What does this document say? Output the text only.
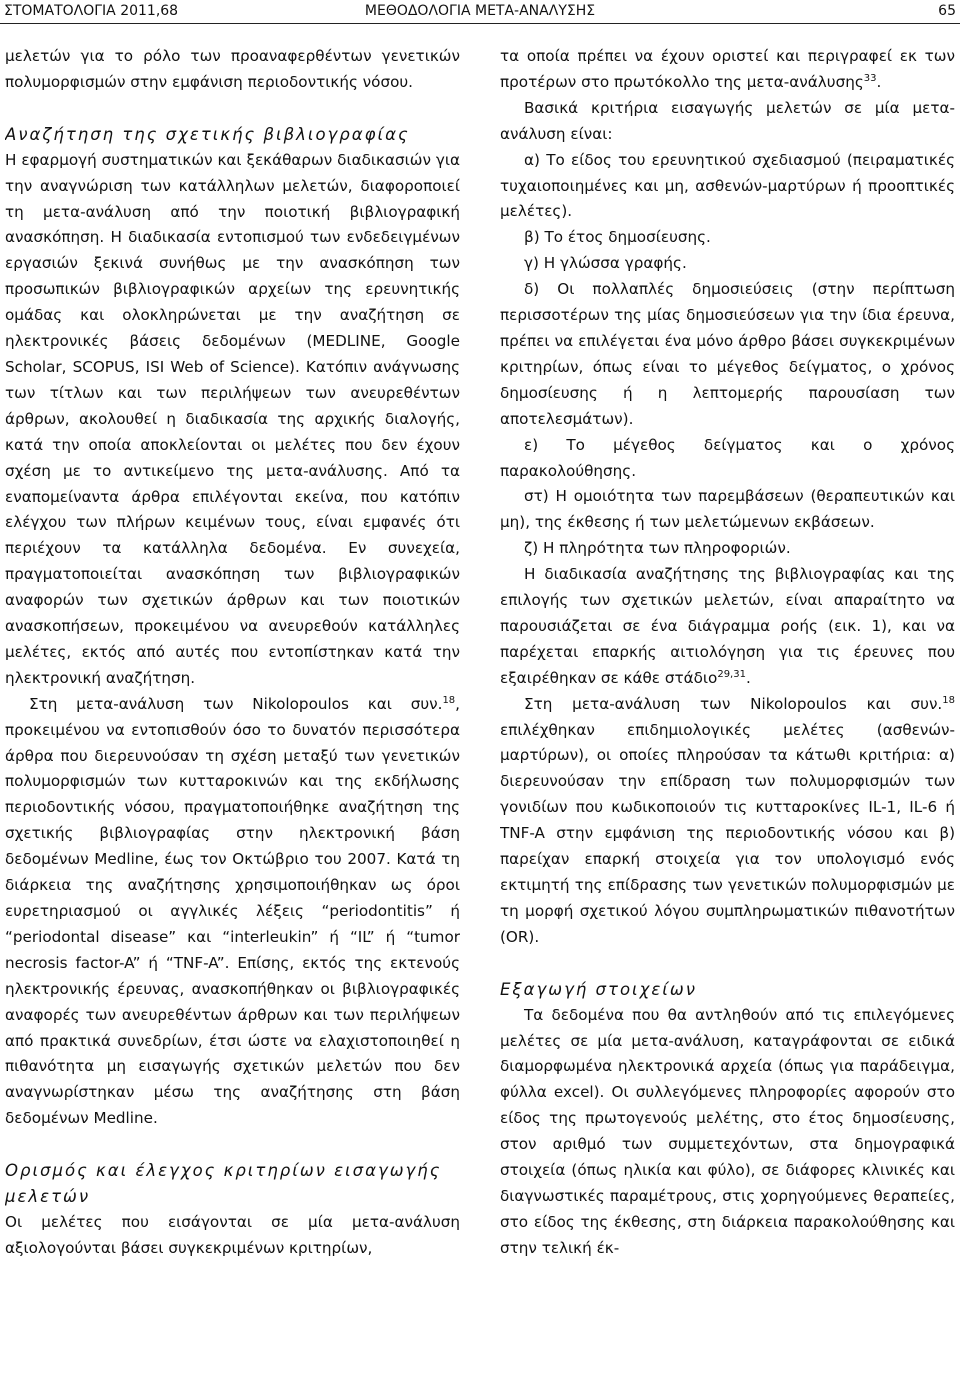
ΣΤΟΜΑΤΟΛΟΓΙΑ 2011,68	ΜΕΘΟΔΟΛΟΓΙΑ ΜΕΤΑ-ΑΝΑΛΥΣΗΣ	65

μελετών για το ρόλο των προαναφερθέντων γενετικών πολυμορφισμών στην εμφάνιση περιοδοντικής νόσου.

Αναζήτηση της σχετικής βιβλιογραφίας

Η εφαρμογή συστηματικών και ξεκάθαρων διαδικασιών για την αναγνώριση των κατάλληλων μελετών, διαφοροποιεί τη μετα-ανάλυση από την ποιοτική βιβλιογραφική ανασκόπηση. Η διαδικασία εντοπισμού των ενδεδειγμένων εργασιών ξεκινά συνήθως με την ανασκόπηση των προσωπικών βιβλιογραφικών αρχείων της ερευνητικής ομάδας και ολοκληρώνεται με την αναζήτηση σε ηλεκτρονικές βάσεις δεδομένων (MEDLINE, Google Scholar, SCOPUS, ISI Web of Science). Κατόπιν ανάγνωσης των τίτλων και των περιλήψεων των ανευρεθέντων άρθρων, ακολουθεί η διαδικασία της αρχικής διαλογής, κατά την οποία αποκλείονται οι μελέτες που δεν έχουν σχέση με το αντικείμενο της μετα-ανάλυσης. Από τα εναπομείναντα άρθρα επιλέγονται εκείνα, που κατόπιν ελέγχου των πλήρων κειμένων τους, είναι εμφανές ότι περιέχουν τα κατάλληλα δεδομένα. Εν συνεχεία, πραγματοποιείται ανασκόπηση των βιβλιογραφικών αναφορών των σχετικών άρθρων και των ποιοτικών ανασκοπήσεων, προκειμένου να ανευρεθούν κατάλληλες μελέτες, εκτός από αυτές που εντοπίστηκαν κατά την ηλεκτρονική αναζήτηση.

Στη μετα-ανάλυση των Nikolopoulos και συν.$^{18}$, προκειμένου να εντοπισθούν όσο το δυνατόν περισσότερα άρθρα που διερευνούσαν τη σχέση μεταξύ των γενετικών πολυμορφισμών των κυτταροκινών και της εκδήλωσης περιοδοντικής νόσου, πραγματοποιήθηκε αναζήτηση της σχετικής βιβλιογραφίας στην ηλεκτρονική βάση δεδομένων Medline, έως τον Οκτώβριο του 2007. Κατά τη διάρκεια της αναζήτησης χρησιμοποιήθηκαν ως όροι ευρετηριασμού οι αγγλικές λέξεις “periodontitis” ή “periodontal disease” και “interleukin” ή “IL” ή “tumor necrosis factor-A” ή “TNF-A”. Επίσης, εκτός της εκτενούς ηλεκτρονικής έρευνας, ανασκοπήθηκαν οι βιβλιογραφικές αναφορές των ανευρεθέντων άρθρων και των περιλήψεων από πρακτικά συνεδρίων, έτσι ώστε να ελαχιστοποιηθεί η πιθανότητα μη εισαγωγής σχετικών μελετών που δεν αναγνωρίστηκαν μέσω της αναζήτησης στη βάση δεδομένων Medline.

Ορισμός και έλεγχος κριτηρίων εισαγωγής μελετών

Οι μελέτες που εισάγονται σε μία μετα-ανάλυση αξιολογούνται βάσει συγκεκριμένων κριτηρίων,

τα οποία πρέπει να έχουν οριστεί και περιγραφεί εκ των προτέρων στο πρωτόκολλο της μετα-ανάλυσης$^{33}$.

Βασικά κριτήρια εισαγωγής μελετών σε μία μετα-ανάλυση είναι:

α) Το είδος του ερευνητικού σχεδιασμού (πειραματικές τυχαιοποιημένες και μη, ασθενών-μαρτύρων ή προοπτικές μελέτες).

β) Το έτος δημοσίευσης.

γ) Η γλώσσα γραφής.

δ) Οι πολλαπλές δημοσιεύσεις (στην περίπτωση περισσοτέρων της μίας δημοσιεύσεων για την ίδια έρευνα, πρέπει να επιλέγεται ένα μόνο άρθρο βάσει συγκεκριμένων κριτηρίων, όπως είναι το μέγεθος δείγματος, ο χρόνος δημοσίευσης ή η λεπτομερής παρουσίαση των αποτελεσμάτων).

ε) Το μέγεθος δείγματος και ο χρόνος παρακολούθησης.

στ) Η ομοιότητα των παρεμβάσεων (θεραπευτικών και μη), της έκθεσης ή των μελετώμενων εκβάσεων.

ζ) Η πληρότητα των πληροφοριών.

Η διαδικασία αναζήτησης της βιβλιογραφίας και της επιλογής των σχετικών μελετών, είναι απαραίτητο να παρουσιάζεται σε ένα διάγραμμα ροής (εικ. 1), και να παρέχεται επαρκής αιτιολόγηση για τις έρευνες που εξαιρέθηκαν σε κάθε στάδιο$^{29,31}$.

Στη μετα-ανάλυση των Nikolopoulos και συν.$^{18}$ επιλέχθηκαν επιδημιολογικές μελέτες (ασθενών-μαρτύρων), οι οποίες πληρούσαν τα κάτωθι κριτήρια: α) διερευνούσαν την επίδραση των πολυμορφισμών των γονιδίων που κωδικοποιούν τις κυτταροκίνες IL-1, IL-6 ή TNF-A στην εμφάνιση της περιοδοντικής νόσου και β) παρείχαν επαρκή στοιχεία για τον υπολογισμό ενός εκτιμητή της επίδρασης των γενετικών πολυμορφισμών με τη μορφή σχετικού λόγου συμπληρωματικών πιθανοτήτων (OR).

Εξαγωγή στοιχείων

Τα δεδομένα που θα αντληθούν από τις επιλεγόμενες μελέτες σε μία μετα-ανάλυση, καταγράφονται σε ειδικά διαμορφωμένα ηλεκτρονικά αρχεία (όπως για παράδειγμα, φύλλα excel). Οι συλλεγόμενες πληροφορίες αφορούν στο είδος της πρωτογενούς μελέτης, στο έτος δημοσίευσης, στον αριθμό των συμμετεχόντων, στα δημογραφικά στοιχεία (όπως ηλικία και φύλο), σε διάφορες κλινικές και διαγνωστικές παραμέτρους, στις χορηγούμενες θεραπείες, στο είδος της έκθεσης, στη διάρκεια παρακολούθησης και στην τελική έκ-
